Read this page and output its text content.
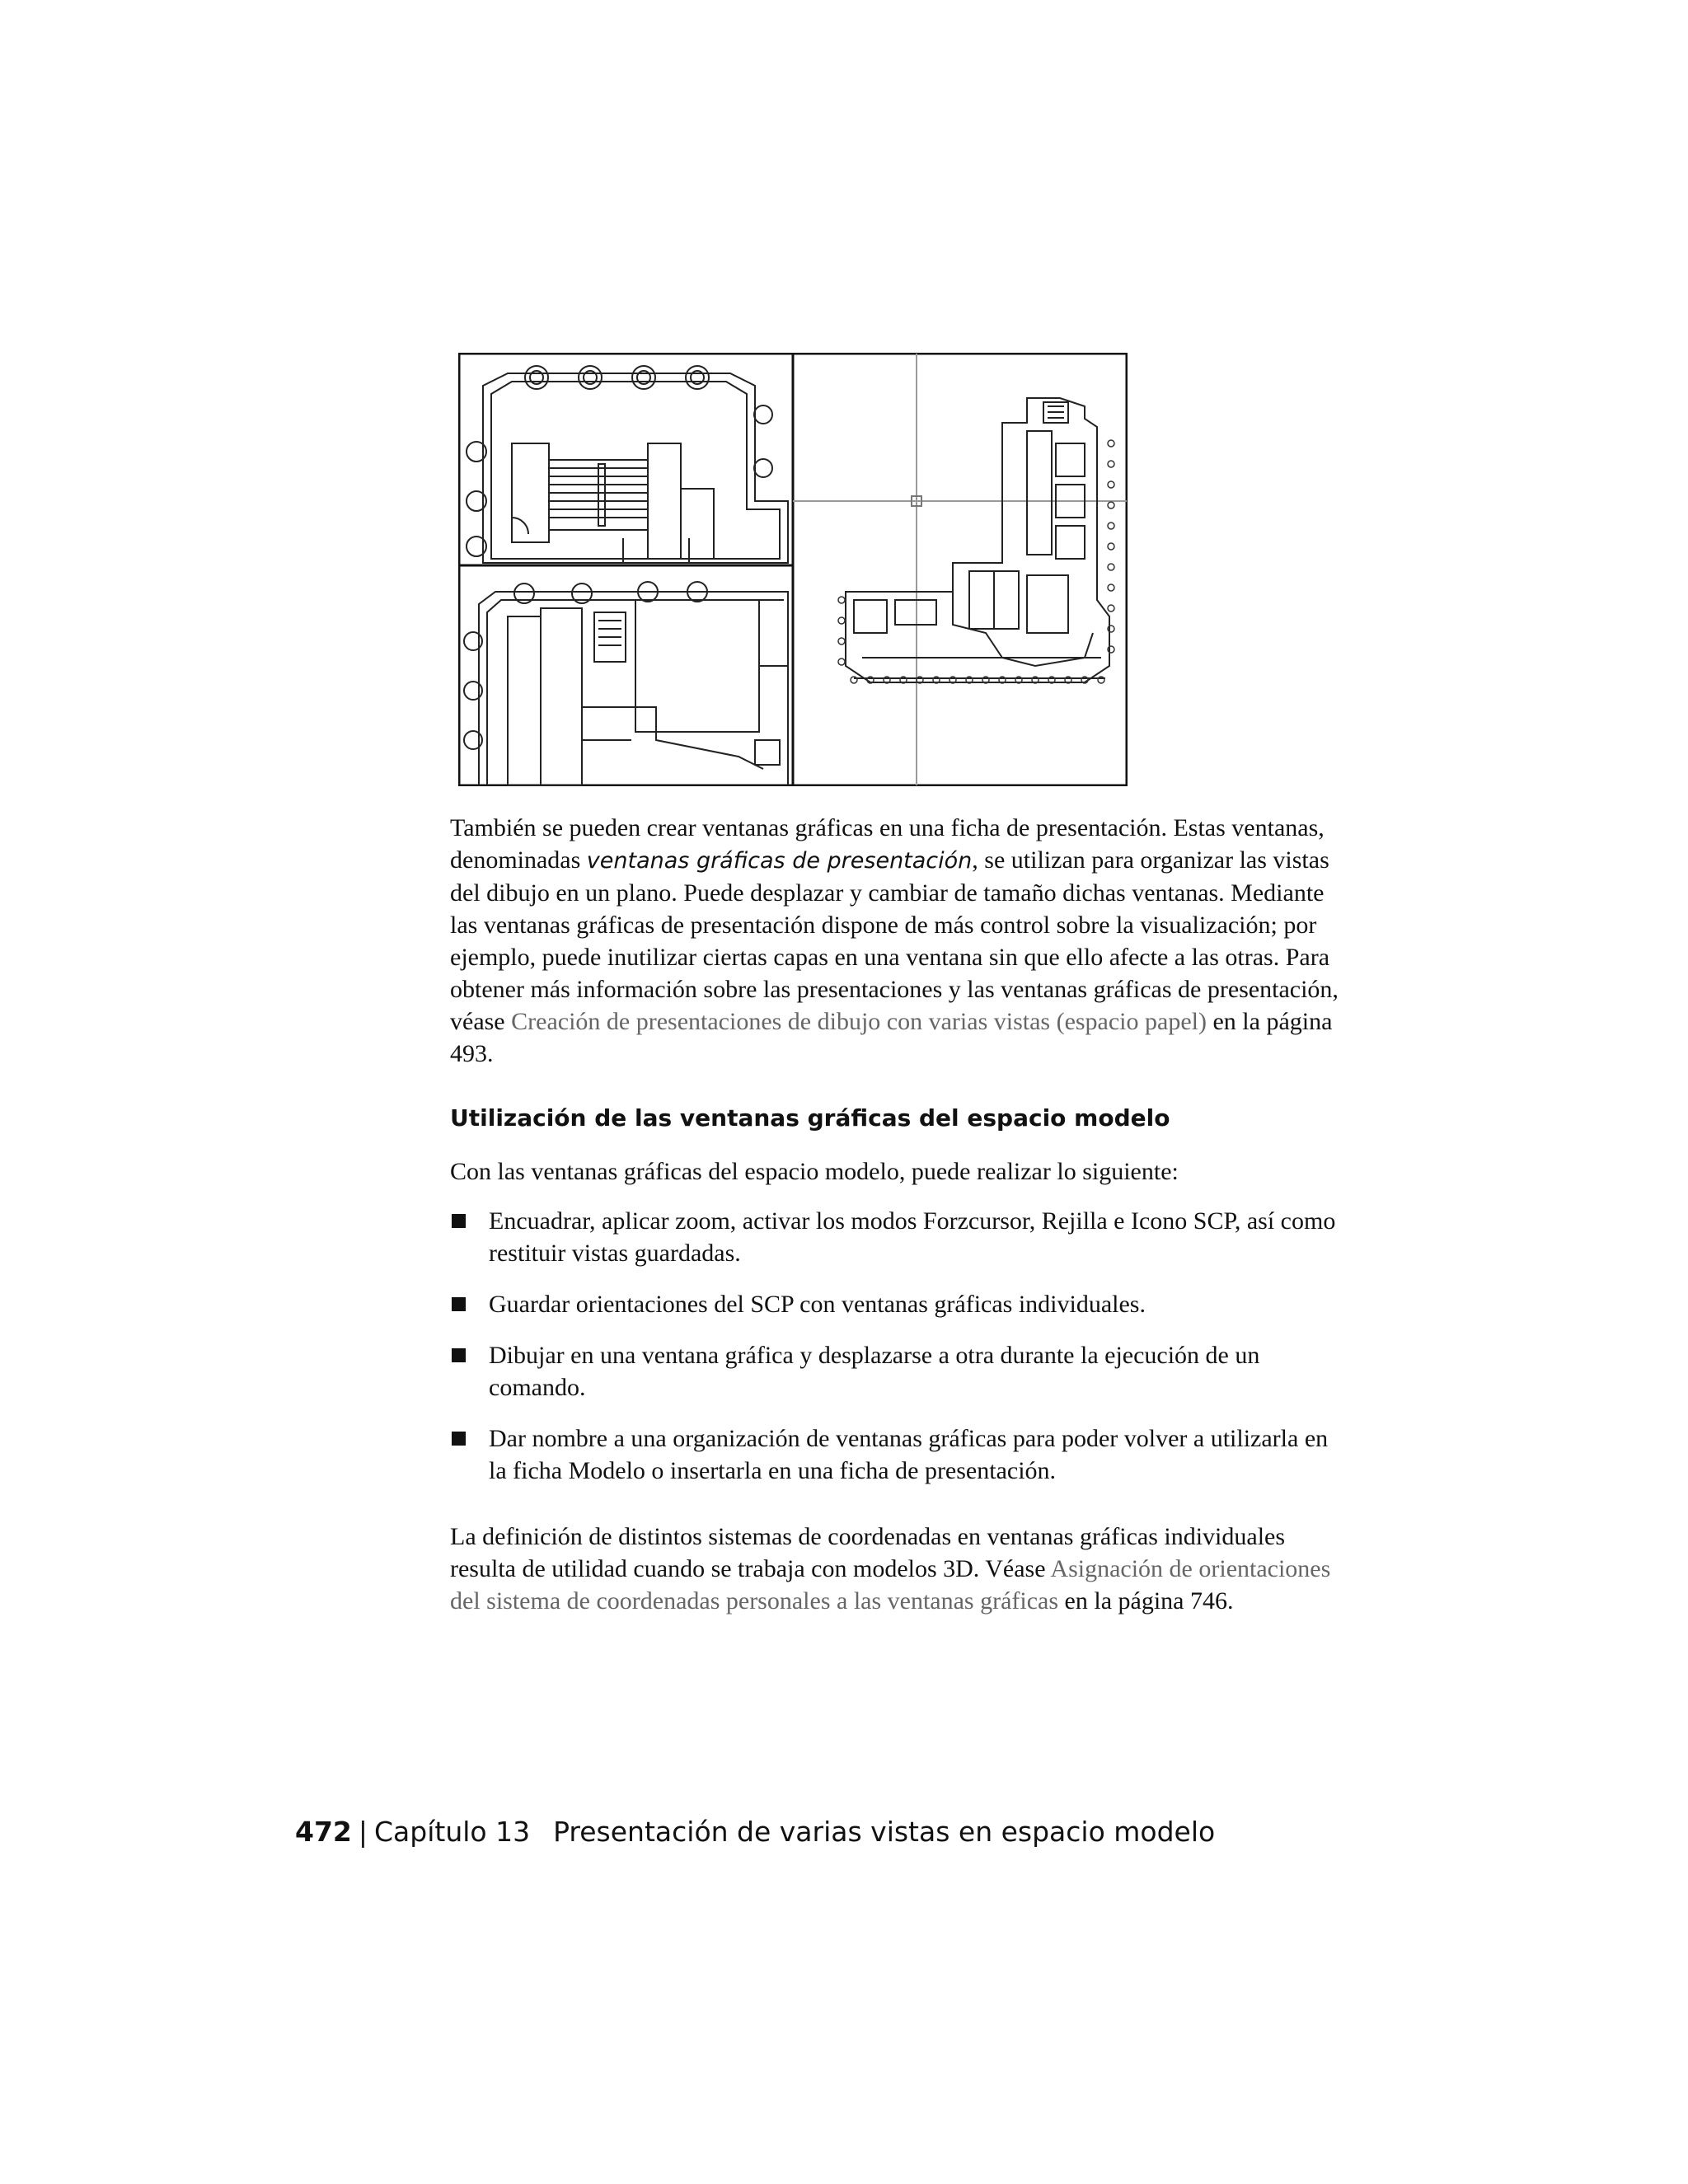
También se pueden crear ventanas gráficas en una ficha de presentación. Estas ventanas, denominadas ventanas gráficas de presentación, se utilizan para organizar las vistas del dibujo en un plano. Puede desplazar y cambiar de tamaño dichas ventanas. Mediante las ventanas gráficas de presentación dispone de más control sobre la visualización; por ejemplo, puede inutilizar ciertas capas en una ventana sin que ello afecte a las otras. Para obtener más información sobre las presentaciones y las ventanas gráficas de presentación, véase Creación de presentaciones de dibujo con varias vistas (espacio papel) en la página 493.

Utilización de las ventanas gráficas del espacio modelo

Con las ventanas gráficas del espacio modelo, puede realizar lo siguiente:

Encuadrar, aplicar zoom, activar los modos Forzcursor, Rejilla e Icono SCP, así como restituir vistas guardadas.
Guardar orientaciones del SCP con ventanas gráficas individuales.
Dibujar en una ventana gráfica y desplazarse a otra durante la ejecución de un comando.
Dar nombre a una organización de ventanas gráficas para poder volver a utilizarla en la ficha Modelo o insertarla en una ficha de presentación.

La definición de distintos sistemas de coordenadas en ventanas gráficas individuales resulta de utilidad cuando se trabaja con modelos 3D. Véase Asignación de orientaciones del sistema de coordenadas personales a las ventanas gráficas en la página 746.

472 | Capítulo 13 Presentación de varias vistas en espacio modelo
